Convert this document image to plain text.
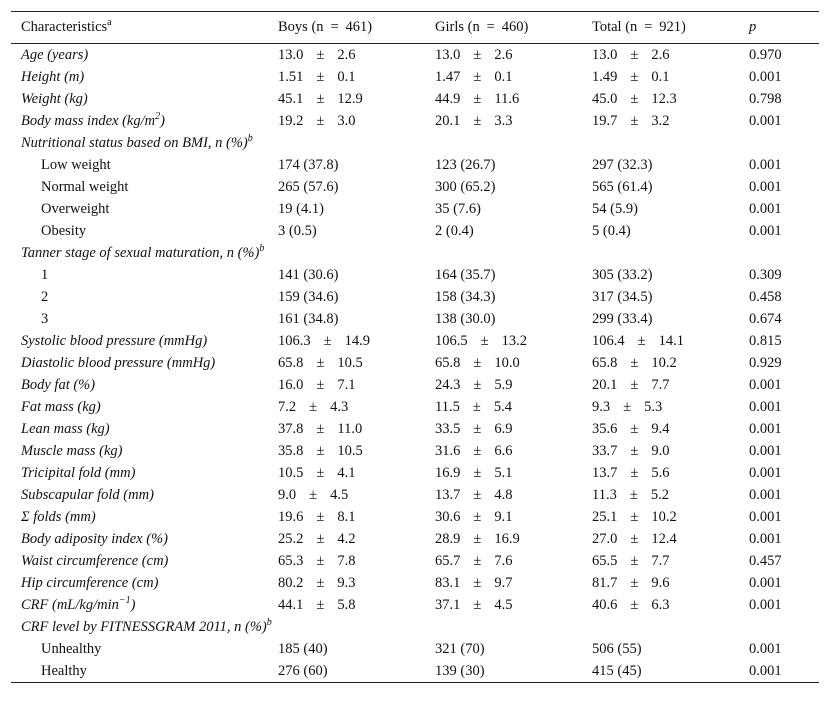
Characteristics$^a$	Boys (n = 461)	Girls (n = 460)	Total (n = 921)	p
Age (years)	13.0 ± 2.6	13.0 ± 2.6	13.0 ± 2.6	0.970
Height (m)	1.51 ± 0.1	1.47 ± 0.1	1.49 ± 0.1	0.001
Weight (kg)	45.1 ± 12.9	44.9 ± 11.6	45.0 ± 12.3	0.798
Body mass index $(kg/m^2)$	19.2 ± 3.0	20.1 ± 3.3	19.7 ± 3.2	0.001
Nutritional status based on BMI, n (%)$^b$
Low weight	174 (37.8)	123 (26.7)	297 (32.3)	0.001
Normal weight	265 (57.6)	300 (65.2)	565 (61.4)	0.001
Overweight	19 (4.1)	35 (7.6)	54 (5.9)	0.001
Obesity	3 (0.5)	2 (0.4)	5 (0.4)	0.001
Tanner stage of sexual maturation, n (%)$^b$
1	141 (30.6)	164 (35.7)	305 (33.2)	0.309
2	159 (34.6)	158 (34.3)	317 (34.5)	0.458
3	161 (34.8)	138 (30.0)	299 (33.4)	0.674
Systolic blood pressure (mmHg)	106.3 ± 14.9	106.5 ± 13.2	106.4 ± 14.1	0.815
Diastolic blood pressure (mmHg)	65.8 ± 10.5	65.8 ± 10.0	65.8 ± 10.2	0.929
Body fat (%)	16.0 ± 7.1	24.3 ± 5.9	20.1 ± 7.7	0.001
Fat mass (kg)	7.2 ± 4.3	11.5 ± 5.4	9.3 ± 5.3	0.001
Lean mass (kg)	37.8 ± 11.0	33.5 ± 6.9	35.6 ± 9.4	0.001
Muscle mass (kg)	35.8 ± 10.5	31.6 ± 6.6	33.7 ± 9.0	0.001
Tricipital fold (mm)	10.5 ± 4.1	16.9 ± 5.1	13.7 ± 5.6	0.001
Subscapular fold (mm)	9.0 ± 4.5	13.7 ± 4.8	11.3 ± 5.2	0.001
Σ folds (mm)	19.6 ± 8.1	30.6 ± 9.1	25.1 ± 10.2	0.001
Body adiposity index (%)	25.2 ± 4.2	28.9 ± 16.9	27.0 ± 12.4	0.001
Waist circumference (cm)	65.3 ± 7.8	65.7 ± 7.6	65.5 ± 7.7	0.457
Hip circumference (cm)	80.2 ± 9.3	83.1 ± 9.7	81.7 ± 9.6	0.001
CRF $(mL/kg/\min^{-1})$	44.1 ± 5.8	37.1 ± 4.5	40.6 ± 6.3	0.001
CRF level by FITNESSGRAM 2011, n (%)$^b$
Unhealthy	185 (40)	321 (70)	506 (55)	0.001
Healthy	276 (60)	139 (30)	415 (45)	0.001
